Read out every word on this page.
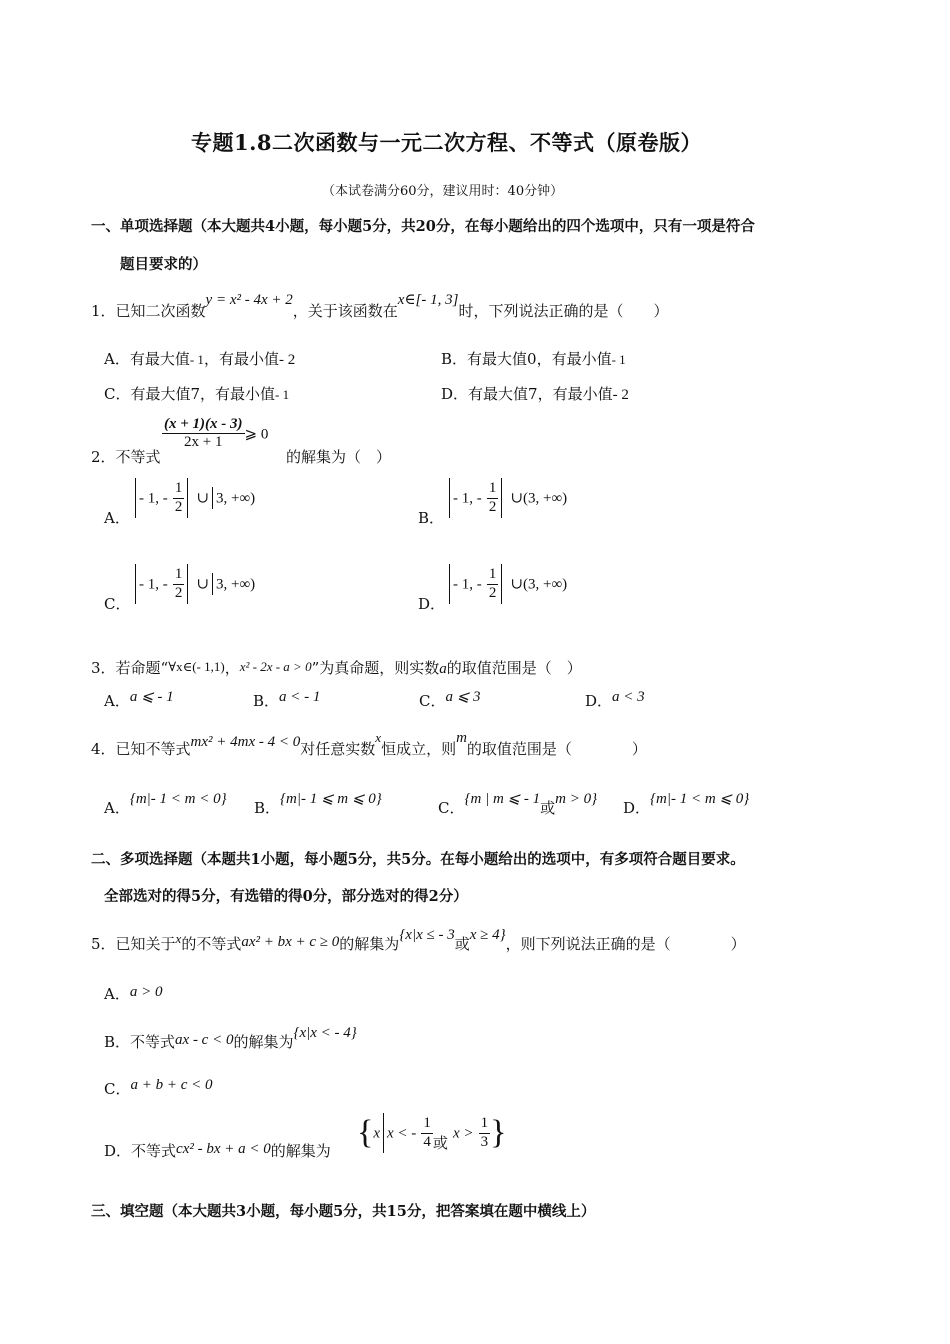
专题1.8二次函数与一元二次方程、不等式（原卷版）
（本试卷满分60分，建议用时：40分钟）
一、单项选择题（本大题共4小题，每小题5分，共20分，在每小题给出的四个选项中，只有一项是符合
题目要求的）
1．已知二次函数y = x² - 4x + 2，关于该函数在x∈[- 1, 3]时，下列说法正确的是（　　）
A．有最大值- 1，有最小值- 2	B．有最大值0，有最小值- 1
C．有最大值7，有最小值- 1	D．有最大值7，有最小值- 2
2．不等式
$\frac{(x + 1)(x - 3)}{2x + 1}$ ⩾ 0
的解集为（　）
A．
- 1, - $\frac{1}{2}$ ∪ 3, +∞)
B．
- 1, - $\frac{1}{2}$ ∪(3, +∞)
C．
- 1, - $\frac{1}{2}$ ∪ 3, +∞)
D．
- 1, - $\frac{1}{2}$ ∪(3, +∞)
3．若命题“∀x∈(- 1,1)，x² - 2x - a > 0”为真命题，则实数a的取值范围是（　）
A．a ⩽ - 1	B．a < - 1	C．a ⩽ 3	D．a < 3
4．已知不等式mx² + 4mx - 4 < 0对任意实数x恒成立，则m的取值范围是（　　　　）
A．{m|- 1 < m < 0} B．{m|- 1 ⩽ m ⩽ 0}	C．{m | m ⩽ - 1或m > 0} D．{m|- 1 < m ⩽ 0}
二、多项选择题（本题共1小题，每小题5分，共5分。在每小题给出的选项中，有多项符合题目要求。
全部选对的得5分，有选错的得0分，部分选对的得2分）
5．已知关于x的不等式ax² + bx + c ≥ 0的解集为{x|x ≤ - 3或x ≥ 4}，则下列说法正确的是（　　　　）
A．a > 0
B．不等式ax - c < 0的解集为{x|x < - 4}
C．a + b + c < 0
D．不等式cx² - bx + a < 0的解集为 {x x < - $\frac{1}{4}$ 或 $x > \frac{1}{3}$ }
三、填空题（本大题共3小题，每小题5分，共15分，把答案填在题中横线上）
